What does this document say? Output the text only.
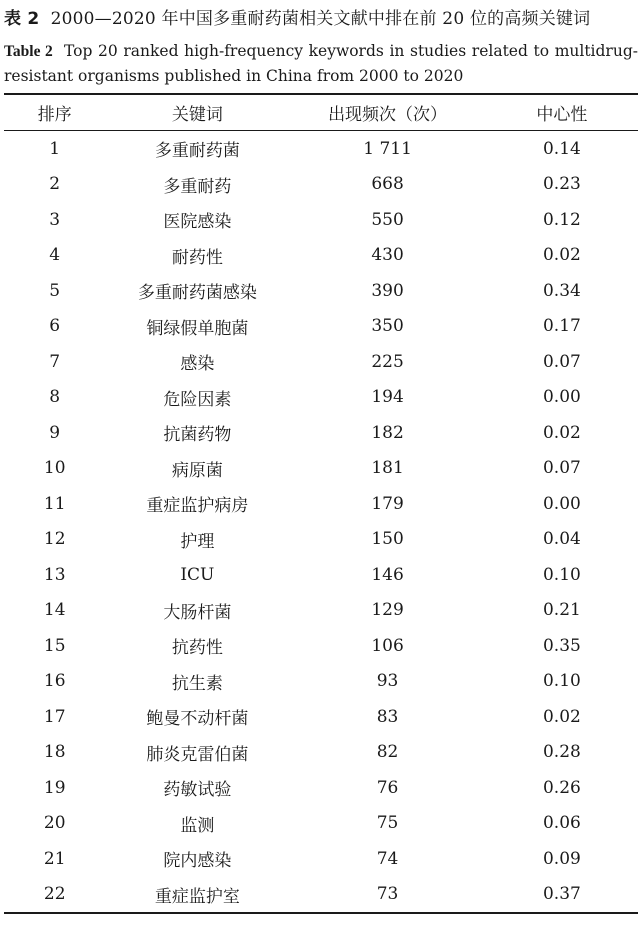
表 2 2000—2020 年中国多重耐药菌相关文献中排在前 20 位的高频关键词

Table 2 Top 20 ranked high-frequency keywords in studies related to multidrug-resistant organisms published in China from 2000 to 2020

排序	关键词	出现频次（次）	中心性
1	多重耐药菌	1 711	0.14
2	多重耐药	668	0.23
3	医院感染	550	0.12
4	耐药性	430	0.02
5	多重耐药菌感染	390	0.34
6	铜绿假单胞菌	350	0.17
7	感染	225	0.07
8	危险因素	194	0.00
9	抗菌药物	182	0.02
10	病原菌	181	0.07
11	重症监护病房	179	0.00
12	护理	150	0.04
13	ICU	146	0.10
14	大肠杆菌	129	0.21
15	抗药性	106	0.35
16	抗生素	93	0.10
17	鲍曼不动杆菌	83	0.02
18	肺炎克雷伯菌	82	0.28
19	药敏试验	76	0.26
20	监测	75	0.06
21	院内感染	74	0.09
22	重症监护室	73	0.37
